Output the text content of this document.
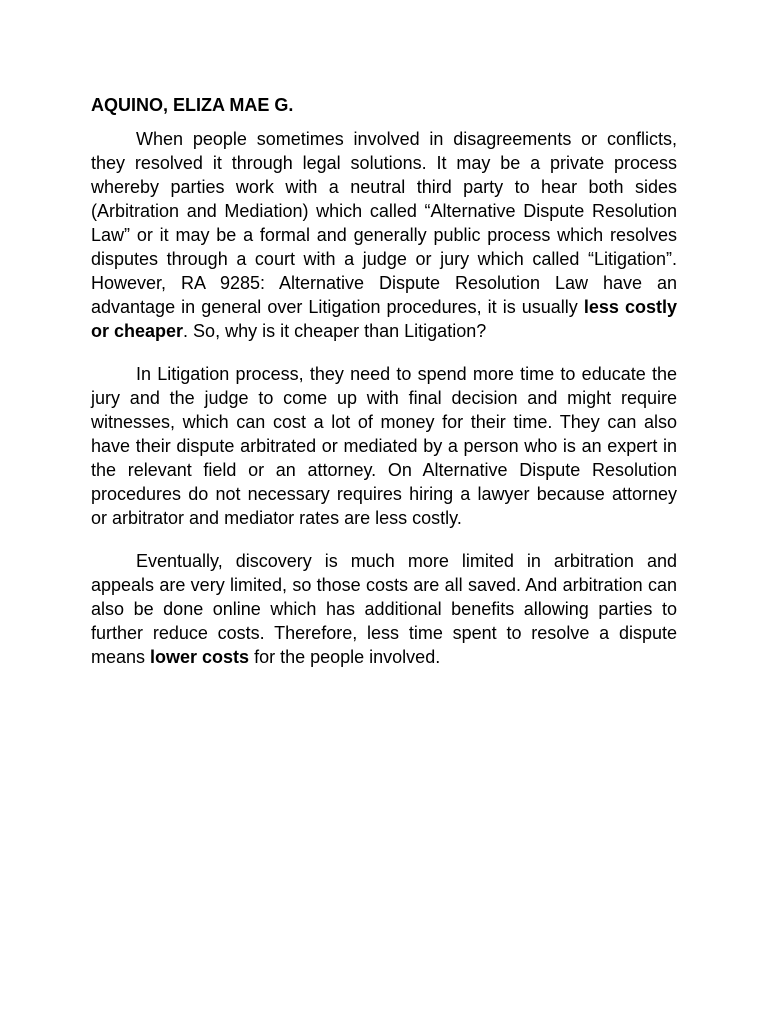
AQUINO, ELIZA MAE G.

When people sometimes involved in disagreements or conflicts, they resolved it through legal solutions. It may be a private process whereby parties work with a neutral third party to hear both sides (Arbitration and Mediation) which called “Alternative Dispute Resolution Law” or it may be a formal and generally public process which resolves disputes through a court with a judge or jury which called “Litigation”. However, RA 9285: Alternative Dispute Resolution Law have an advantage in general over Litigation procedures, it is usually less costly or cheaper. So, why is it cheaper than Litigation?

In Litigation process, they need to spend more time to educate the jury and the judge to come up with final decision and might require witnesses, which can cost a lot of money for their time. They can also have their dispute arbitrated or mediated by a person who is an expert in the relevant field or an attorney. On Alternative Dispute Resolution procedures do not necessary requires hiring a lawyer because attorney or arbitrator and mediator rates are less costly.

Eventually, discovery is much more limited in arbitration and appeals are very limited, so those costs are all saved. And arbitration can also be done online which has additional benefits allowing parties to further reduce costs. Therefore, less time spent to resolve a dispute means lower costs for the people involved.
